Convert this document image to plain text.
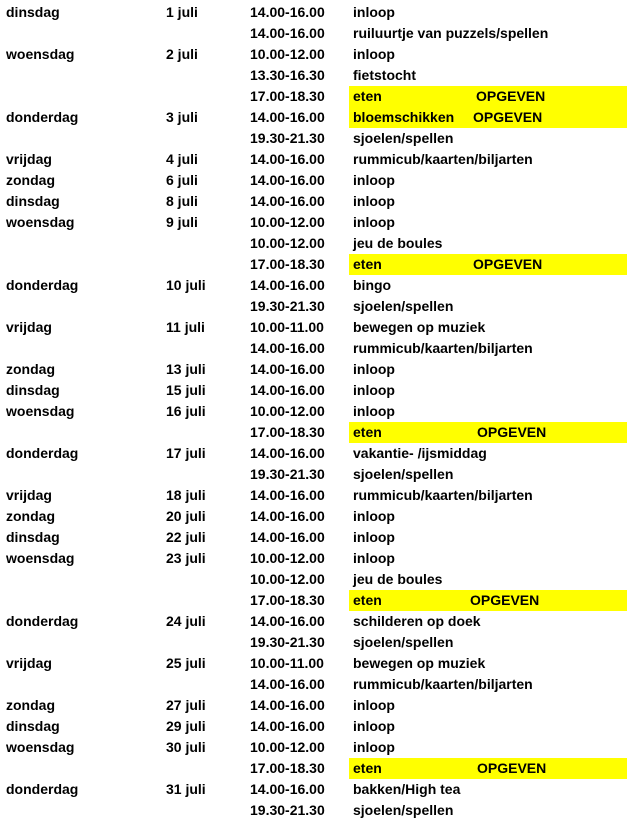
dinsdag	1 juli	14.00-16.00 inloop
14.00-16.00 ruiluurtje van puzzels/spellen
woensdag	2 juli	10.00-12.00 inloop
13.30-16.30 fietstocht
17.00-18.30 eten	OPGEVEN
donderdag	3 juli	14.00-16.00 bloemschikken OPGEVEN
19.30-21.30 sjoelen/spellen
vrijdag	4 juli	14.00-16.00 rummicub/kaarten/biljarten
zondag	6 juli	14.00-16.00 inloop
dinsdag	8 juli	14.00-16.00 inloop
woensdag	9 juli	10.00-12.00 inloop
10.00-12.00 jeu de boules
17.00-18.30 eten	OPGEVEN
donderdag	10 juli	14.00-16.00 bingo
19.30-21.30 sjoelen/spellen
vrijdag	11 juli	10.00-11.00 bewegen op muziek
14.00-16.00 rummicub/kaarten/biljarten
zondag	13 juli	14.00-16.00 inloop
dinsdag	15 juli	14.00-16.00 inloop
woensdag	16 juli	10.00-12.00 inloop
17.00-18.30 eten	OPGEVEN
donderdag	17 juli	14.00-16.00 vakantie- /ijsmiddag
19.30-21.30 sjoelen/spellen
vrijdag	18 juli	14.00-16.00 rummicub/kaarten/biljarten
zondag	20 juli	14.00-16.00 inloop
dinsdag	22 juli	14.00-16.00 inloop
woensdag	23 juli	10.00-12.00 inloop
10.00-12.00 jeu de boules
17.00-18.30 eten	OPGEVEN
donderdag	24 juli	14.00-16.00 schilderen op doek
19.30-21.30 sjoelen/spellen
vrijdag	25 juli	10.00-11.00 bewegen op muziek
14.00-16.00 rummicub/kaarten/biljarten
zondag	27 juli	14.00-16.00 inloop
dinsdag	29 juli	14.00-16.00 inloop
woensdag	30 juli	10.00-12.00 inloop
17.00-18.30 eten	OPGEVEN
donderdag	31 juli	14.00-16.00 bakken/High tea
19.30-21.30 sjoelen/spellen
